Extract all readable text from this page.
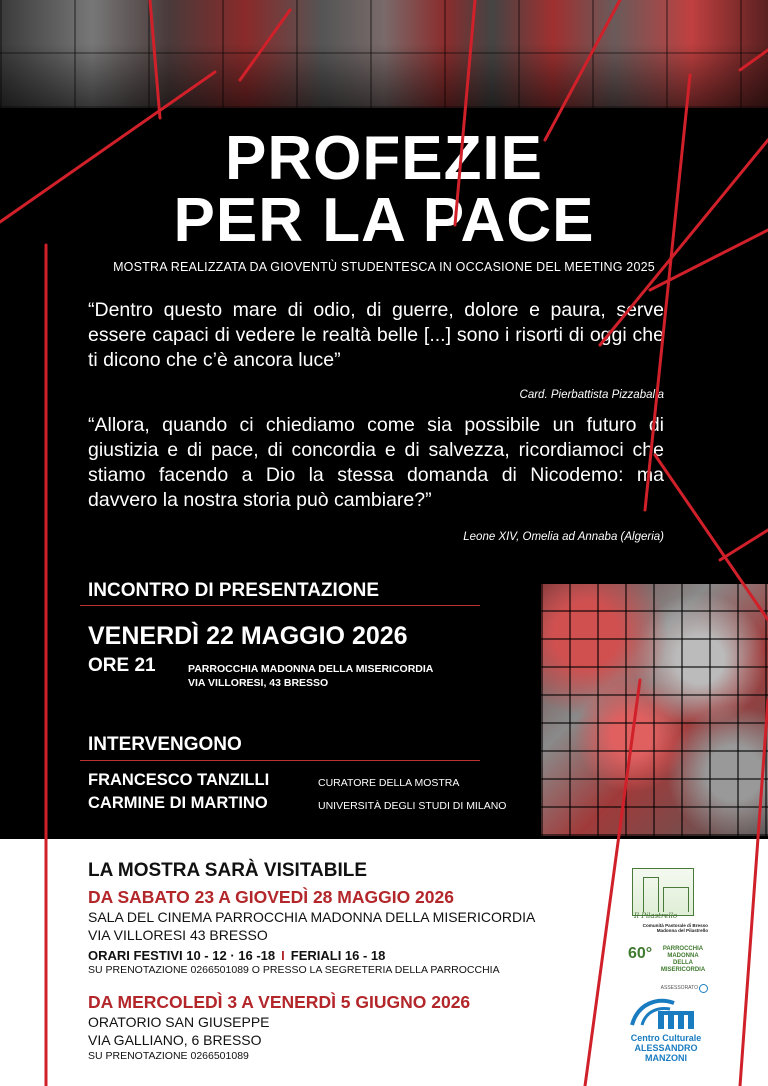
PROFEZIE
PER LA PACE
MOSTRA REALIZZATA DA GIOVENTÙ STUDENTESCA IN OCCASIONE DEL MEETING 2025
“Dentro questo mare di odio, di guerre, dolore e paura, serve essere capaci di vedere le realtà belle [...] sono i risorti di oggi che ti dicono che c’è ancora luce”
Card. Pierbattista Pizzaballa
“Allora, quando ci chiediamo come sia possibile un futuro di giustizia e di pace, di concordia e di salvezza, ricordiamoci che stiamo facendo a Dio la stessa domanda di Nicodemo: ma davvero la nostra storia può cambiare?”
Leone XIV, Omelia ad Annaba (Algeria)
INCONTRO DI PRESENTAZIONE
VENERDÌ 22 MAGGIO 2026
ORE 21	PARROCCHIA MADONNA DELLA MISERICORDIA
VIA VILLORESI, 43 BRESSO
INTERVENGONO
FRANCESCO TANZILLI	CURATORE DELLA MOSTRA
CARMINE DI MARTINO	UNIVERSITÀ DEGLI STUDI DI MILANO
LA MOSTRA SARÀ VISITABILE
DA SABATO 23 A GIOVEDÌ 28 MAGGIO 2026
SALA DEL CINEMA PARROCCHIA MADONNA DELLA MISERICORDIA
VIA VILLORESI 43 BRESSO
ORARI FESTIVI 10 - 12 · 16 -18 I FERIALI 16 - 18
SU PRENOTAZIONE 0266501089 O PRESSO LA SEGRETERIA DELLA PARROCCHIA
DA MERCOLEDÌ 3 A VENERDÌ 5 GIUGNO 2026
ORATORIO SAN GIUSEPPE
VIA GALLIANO, 6 BRESSO
SU PRENOTAZIONE 0266501089
Il Pilastrello
Comunità Pastorale di Bresso
Madonna del Pilastrello
60°	PARROCCHIA
MADONNA
DELLA
MISERICORDIA
ASSESSORATO
Centro Culturale
ALESSANDRO
MANZONI
